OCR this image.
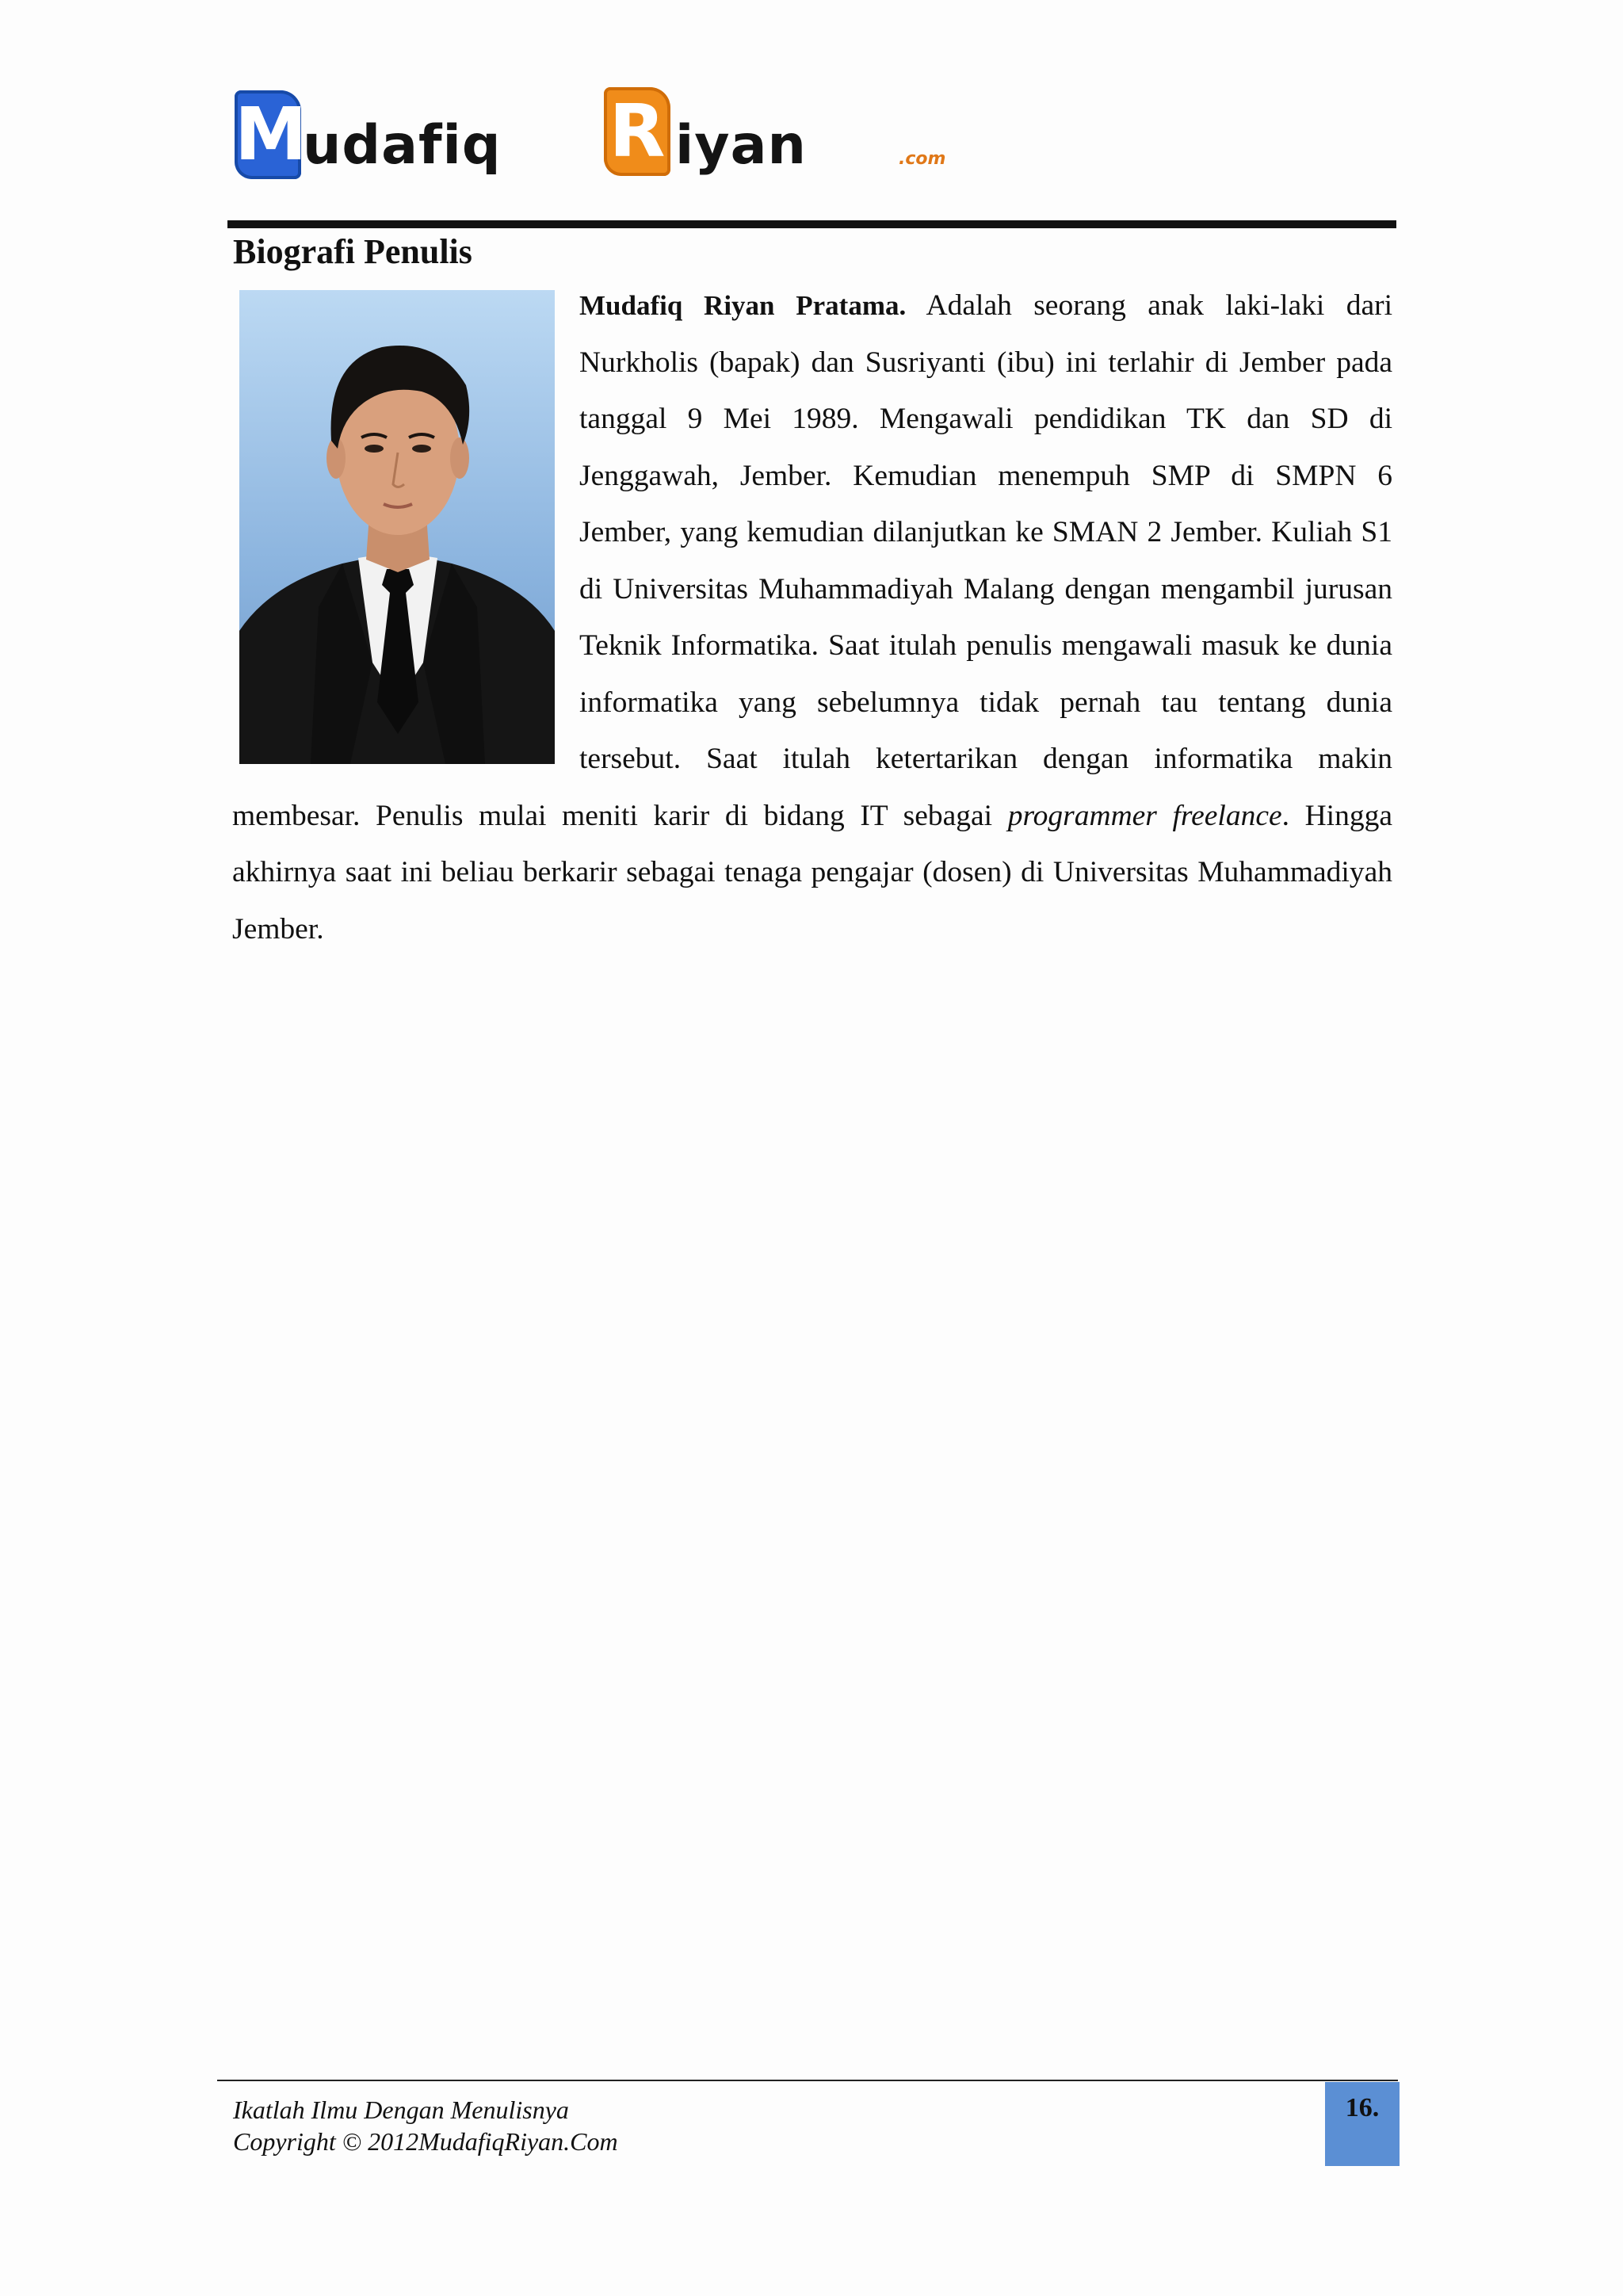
M
udafiq R iyan	.com
Biografi Penulis

Mudafiq Riyan Pratama. Adalah seorang anak laki-laki dari Nurkholis (bapak) dan Susriyanti (ibu) ini terlahir di Jember pada tanggal 9 Mei 1989. Mengawali pendidikan TK dan SD di Jenggawah, Jember. Kemudian menempuh SMP di SMPN 6 Jember, yang kemudian dilanjutkan ke SMAN 2 Jember. Kuliah S1 di Universitas Muhammadiyah Malang dengan mengambil jurusan Teknik Informatika. Saat itulah penulis mengawali masuk ke dunia informatika yang sebelumnya tidak pernah tau tentang dunia tersebut. Saat itulah ketertarikan dengan informatika makin membesar. Penulis mulai meniti karir di bidang IT sebagai programmer freelance. Hingga akhirnya saat ini beliau berkarir sebagai tenaga pengajar (dosen) di Universitas Muhammadiyah Jember.

Ikatlah Ilmu Dengan Menulisnya
Copyright © 2012MudafiqRiyan.Com
16.
